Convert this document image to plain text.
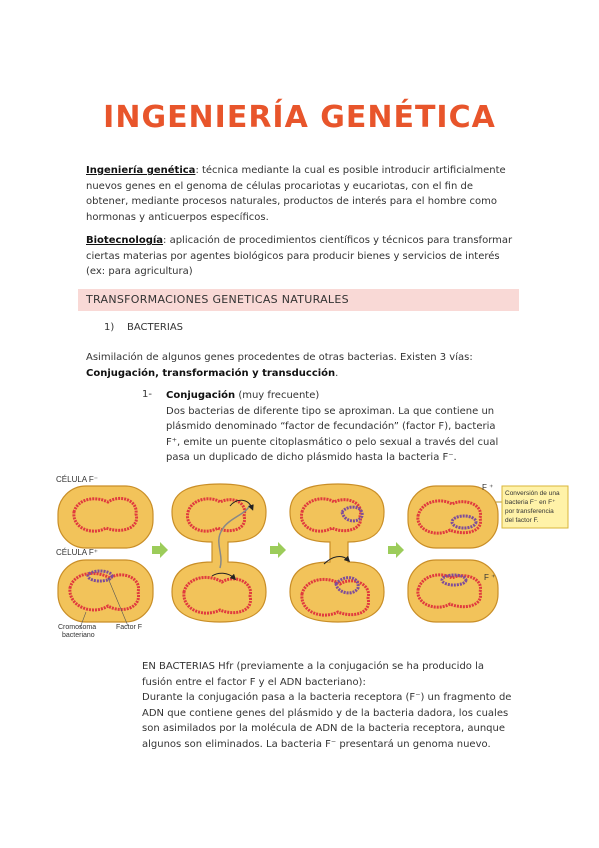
INGENIERÍA GENÉTICA
Ingeniería genética: técnica mediante la cual es posible introducir artificialmente nuevos genes en el genoma de células procariotas y eucariotas, con el fin de obtener, mediante procesos naturales, productos de interés para el hombre como hormonas y anticuerpos específicos.
Biotecnología: aplicación de procedimientos científicos y técnicos para transformar ciertas materias por agentes biológicos para producir bienes y servicios de interés (ex: para agricultura)
TRANSFORMACIONES GENETICAS NATURALES
1) BACTERIAS
Asimilación de algunos genes procedentes de otras bacterias. Existen 3 vías: Conjugación, transformación y transducción.
1- Conjugación (muy frecuente)
Dos bacterias de diferente tipo se aproximan. La que contiene un plásmido denominado “factor de fecundación” (factor F), bacteria F⁺, emite un puente citoplasmático o pelo sexual a través del cual pasa un duplicado de dicho plásmido hasta la bacteria F⁻.
CÉLULA F⁻
CÉLULA F⁺
F ⁺
F ⁺
Conversión de una
bacteria F⁻ en F⁺
por transferencia
del factor F.
Cromosoma
bacteriano
Factor F
EN BACTERIAS Hfr (previamente a la conjugación se ha producido la fusión entre el factor F y el ADN bacteriano):
Durante la conjugación pasa a la bacteria receptora (F⁻) un fragmento de ADN que contiene genes del plásmido y de la bacteria dadora, los cuales son asimilados por la molécula de ADN de la bacteria receptora, aunque algunos son eliminados. La bacteria F⁻ presentará un genoma nuevo.
